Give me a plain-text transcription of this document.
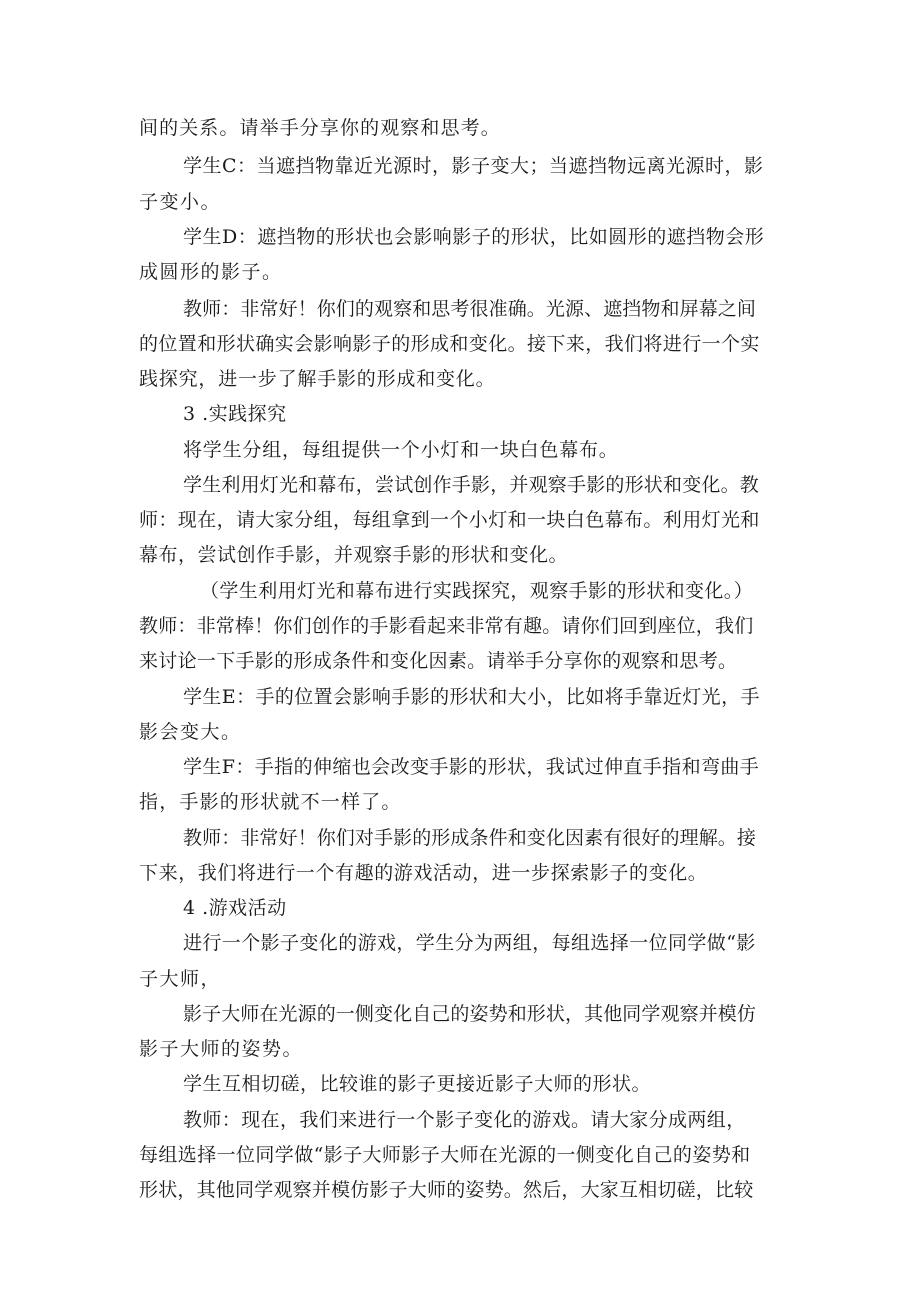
间的关系。请举手分享你的观察和思考。
学生C：当遮挡物靠近光源时，影子变大；当遮挡物远离光源时，影
子变小。
学生D：遮挡物的形状也会影响影子的形状，比如圆形的遮挡物会形
成圆形的影子。
教师：非常好！你们的观察和思考很准确。光源、遮挡物和屏幕之间
的位置和形状确实会影响影子的形成和变化。接下来，我们将进行一个实
践探究，进一步了解手影的形成和变化。
3 .实践探究
将学生分组，每组提供一个小灯和一块白色幕布。
学生利用灯光和幕布，尝试创作手影，并观察手影的形状和变化。教
师：现在，请大家分组，每组拿到一个小灯和一块白色幕布。利用灯光和
幕布，尝试创作手影，并观察手影的形状和变化。
（学生利用灯光和幕布进行实践探究，观察手影的形状和变化。）
教师：非常棒！你们创作的手影看起来非常有趣。请你们回到座位，我们
来讨论一下手影的形成条件和变化因素。请举手分享你的观察和思考。
学生E：手的位置会影响手影的形状和大小，比如将手靠近灯光，手
影会变大。
学生F：手指的伸缩也会改变手影的形状，我试过伸直手指和弯曲手
指，手影的形状就不一样了。
教师：非常好！你们对手影的形成条件和变化因素有很好的理解。接
下来，我们将进行一个有趣的游戏活动，进一步探索影子的变化。
4 .游戏活动
进行一个影子变化的游戏，学生分为两组，每组选择一位同学做“影
子大师，
影子大师在光源的一侧变化自己的姿势和形状，其他同学观察并模仿
影子大师的姿势。
学生互相切磋，比较谁的影子更接近影子大师的形状。
教师：现在，我们来进行一个影子变化的游戏。请大家分成两组，
每组选择一位同学做“影子大师影子大师在光源的一侧变化自己的姿势和
形状，其他同学观察并模仿影子大师的姿势。然后，大家互相切磋，比较
